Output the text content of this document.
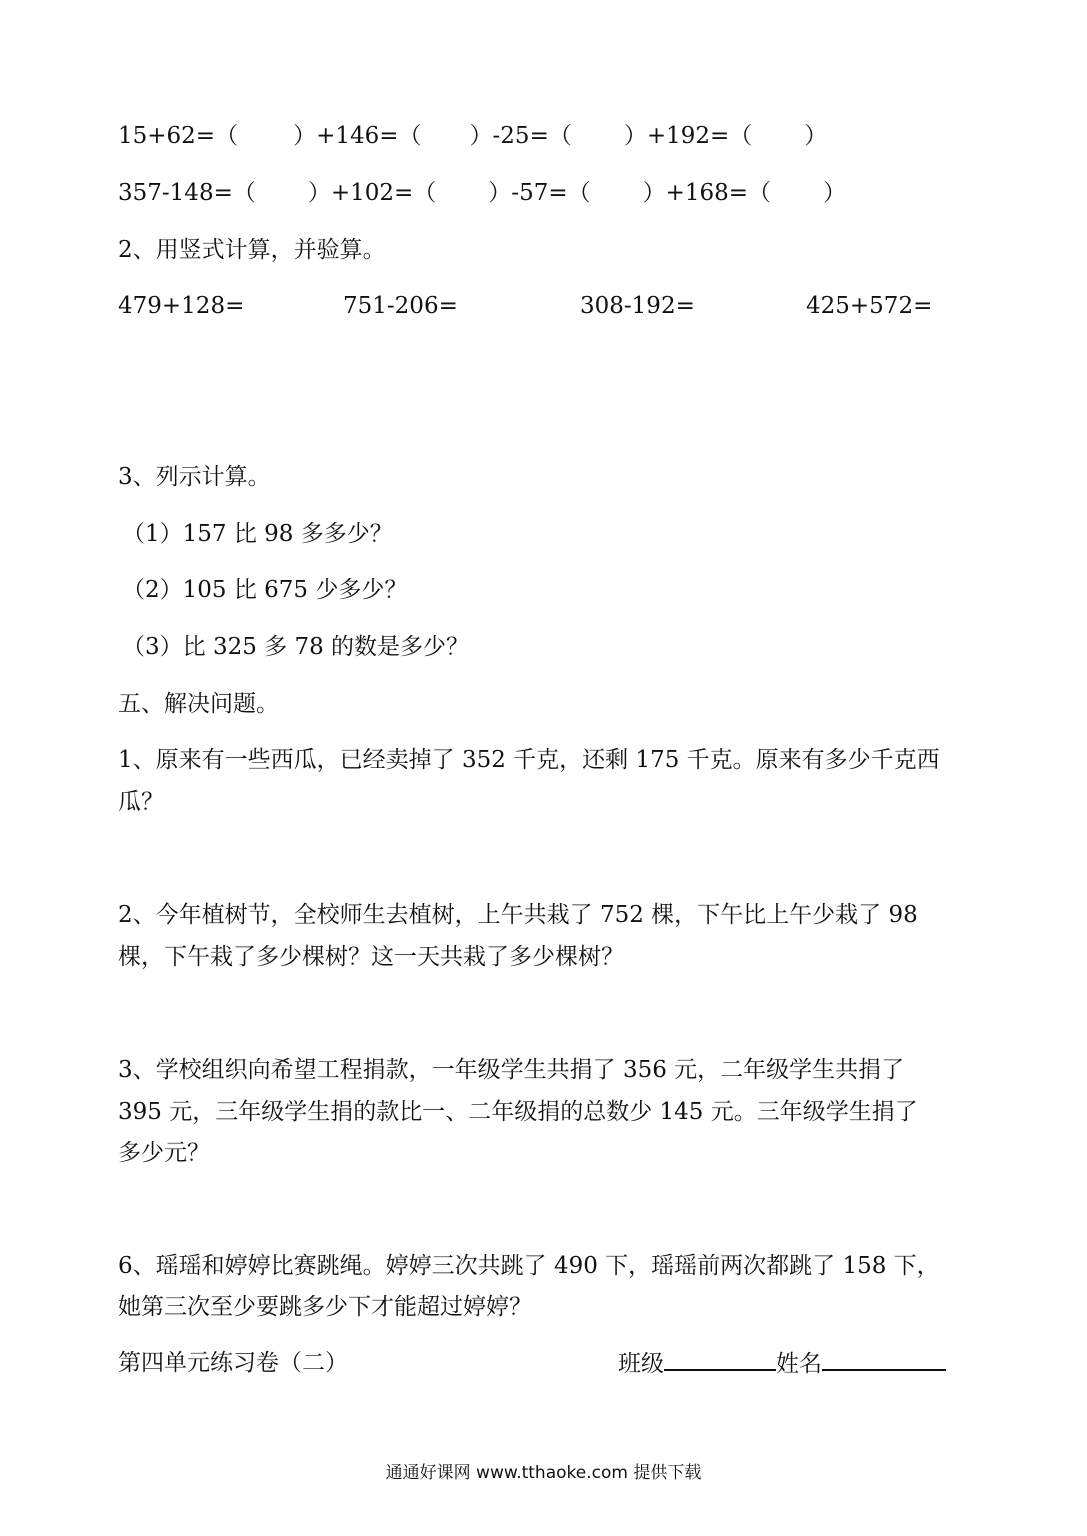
15+62=（ ）+146=（ ）-25=（ ）+192=（ ）
357-148=（ ）+102=（ ）-57=（ ）+168=（ ）
2、用竖式计算，并验算。
479+128=	751-206=	308-192=	425+572=
3、列示计算。
（1）157 比 98 多多少？
（2）105 比 675 少多少？
（3）比 325 多 78 的数是多少？
五、解决问题。
1、原来有一些西瓜，已经卖掉了 352 千克，还剩 175 千克。原来有多少千克西
瓜？
2、今年植树节，全校师生去植树，上午共栽了 752 棵，下午比上午少栽了 98
棵，下午栽了多少棵树？这一天共栽了多少棵树？
3、学校组织向希望工程捐款，一年级学生共捐了 356 元，二年级学生共捐了
395 元，三年级学生捐的款比一、二年级捐的总数少 145 元。三年级学生捐了
多少元？
6、瑶瑶和婷婷比赛跳绳。婷婷三次共跳了 490 下，瑶瑶前两次都跳了 158 下，
她第三次至少要跳多少下才能超过婷婷？
第四单元练习卷（二）	班级	姓名
通通好课网 www.tthaoke.com 提供下载
